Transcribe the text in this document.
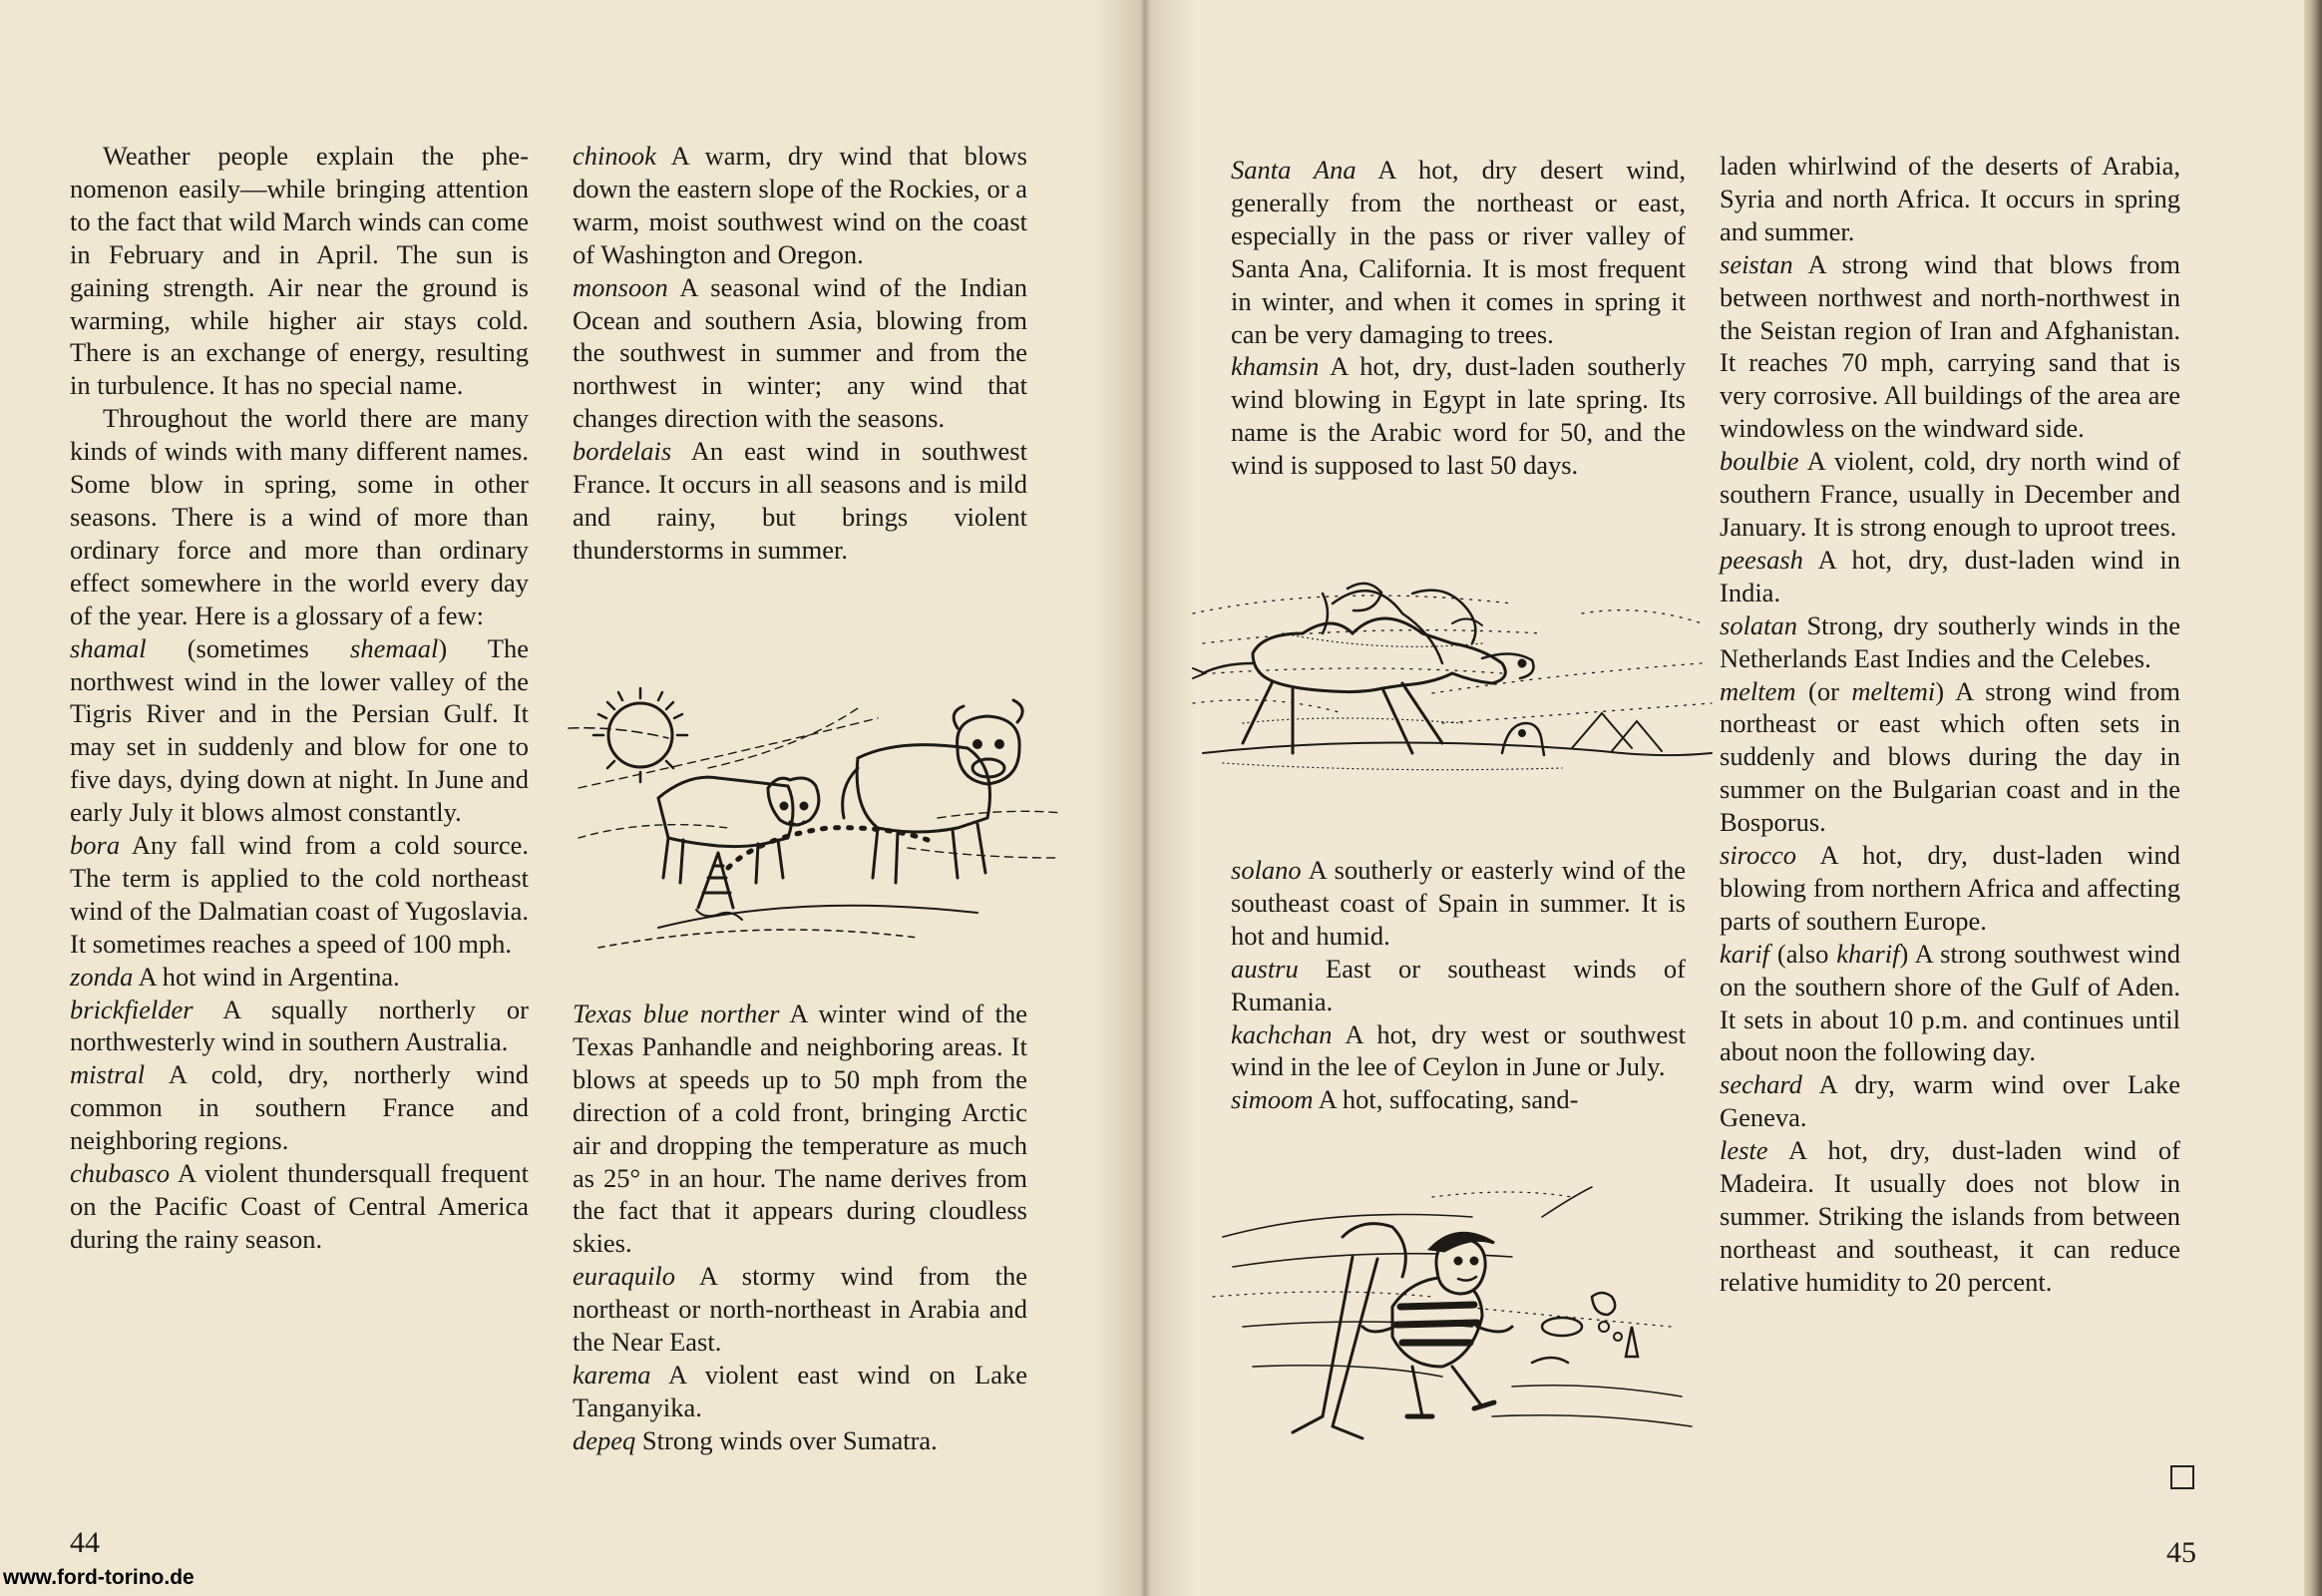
Weather people explain the phenomenon easily—while bringing attention to the fact that wild March winds can come in February and in April. The sun is gaining strength. Air near the ground is warming, while higher air stays cold. There is an exchange of energy, resulting in turbulence. It has no special name.

Throughout the world there are many kinds of winds with many different names. Some blow in spring, some in other seasons. There is a wind of more than ordinary force and more than ordinary effect somewhere in the world every day of the year. Here is a glossary of a few:

shamal (sometimes shemaal) The northwest wind in the lower valley of the Tigris River and in the Persian Gulf. It may set in suddenly and blow for one to five days, dying down at night. In June and early July it blows almost constantly.

bora Any fall wind from a cold source. The term is applied to the cold northeast wind of the Dalmatian coast of Yugoslavia. It sometimes reaches a speed of 100 mph.

zonda A hot wind in Argentina.

brickfielder A squally northerly or northwesterly wind in southern Australia.

mistral A cold, dry, northerly wind common in southern France and neighboring regions.

chubasco A violent thundersquall frequent on the Pacific Coast of Central America during the rainy season.

chinook A warm, dry wind that blows down the eastern slope of the Rockies, or a warm, moist southwest wind on the coast of Washington and Oregon.

monsoon A seasonal wind of the Indian Ocean and southern Asia, blowing from the southwest in summer and from the northwest in winter; any wind that changes direction with the seasons.

bordelais An east wind in southwest France. It occurs in all seasons and is mild and rainy, but brings violent thunderstorms in summer.

Texas blue norther A winter wind of the Texas Panhandle and neighboring areas. It blows at speeds up to 50 mph from the direction of a cold front, bringing Arctic air and dropping the temperature as much as 25° in an hour. The name derives from the fact that it appears during cloudless skies.

euraquilo A stormy wind from the northeast or north-northeast in Arabia and the Near East.

karema A violent east wind on Lake Tanganyika.

depeq Strong winds over Sumatra.

44
www.ford-torino.de

Santa Ana A hot, dry desert wind, generally from the northeast or east, especially in the pass or river valley of Santa Ana, California. It is most frequent in winter, and when it comes in spring it can be very damaging to trees.

khamsin A hot, dry, dust-laden southerly wind blowing in Egypt in late spring. Its name is the Arabic word for 50, and the wind is supposed to last 50 days.

solano A southerly or easterly wind of the southeast coast of Spain in summer. It is hot and humid.

austru East or southeast winds of Rumania.

kachchan A hot, dry west or southwest wind in the lee of Ceylon in June or July.

simoom A hot, suffocating, sand-

laden whirlwind of the deserts of Arabia, Syria and north Africa. It occurs in spring and summer.

seistan A strong wind that blows from between northwest and north-northwest in the Seistan region of Iran and Afghanistan. It reaches 70 mph, carrying sand that is very corrosive. All buildings of the area are windowless on the windward side.

boulbie A violent, cold, dry north wind of southern France, usually in December and January. It is strong enough to uproot trees.

peesash A hot, dry, dust-laden wind in India.

solatan Strong, dry southerly winds in the Netherlands East Indies and the Celebes.

meltem (or meltemi) A strong wind from northeast or east which often sets in suddenly and blows during the day in summer on the Bulgarian coast and in the Bosporus.

sirocco A hot, dry, dust-laden wind blowing from northern Africa and affecting parts of southern Europe.

karif (also kharif) A strong southwest wind on the southern shore of the Gulf of Aden. It sets in about 10 p.m. and continues until about noon the following day.

sechard A dry, warm wind over Lake Geneva.

leste A hot, dry, dust-laden wind of Madeira. It usually does not blow in summer. Striking the islands from between northeast and southeast, it can reduce relative humidity to 20 percent.

45
